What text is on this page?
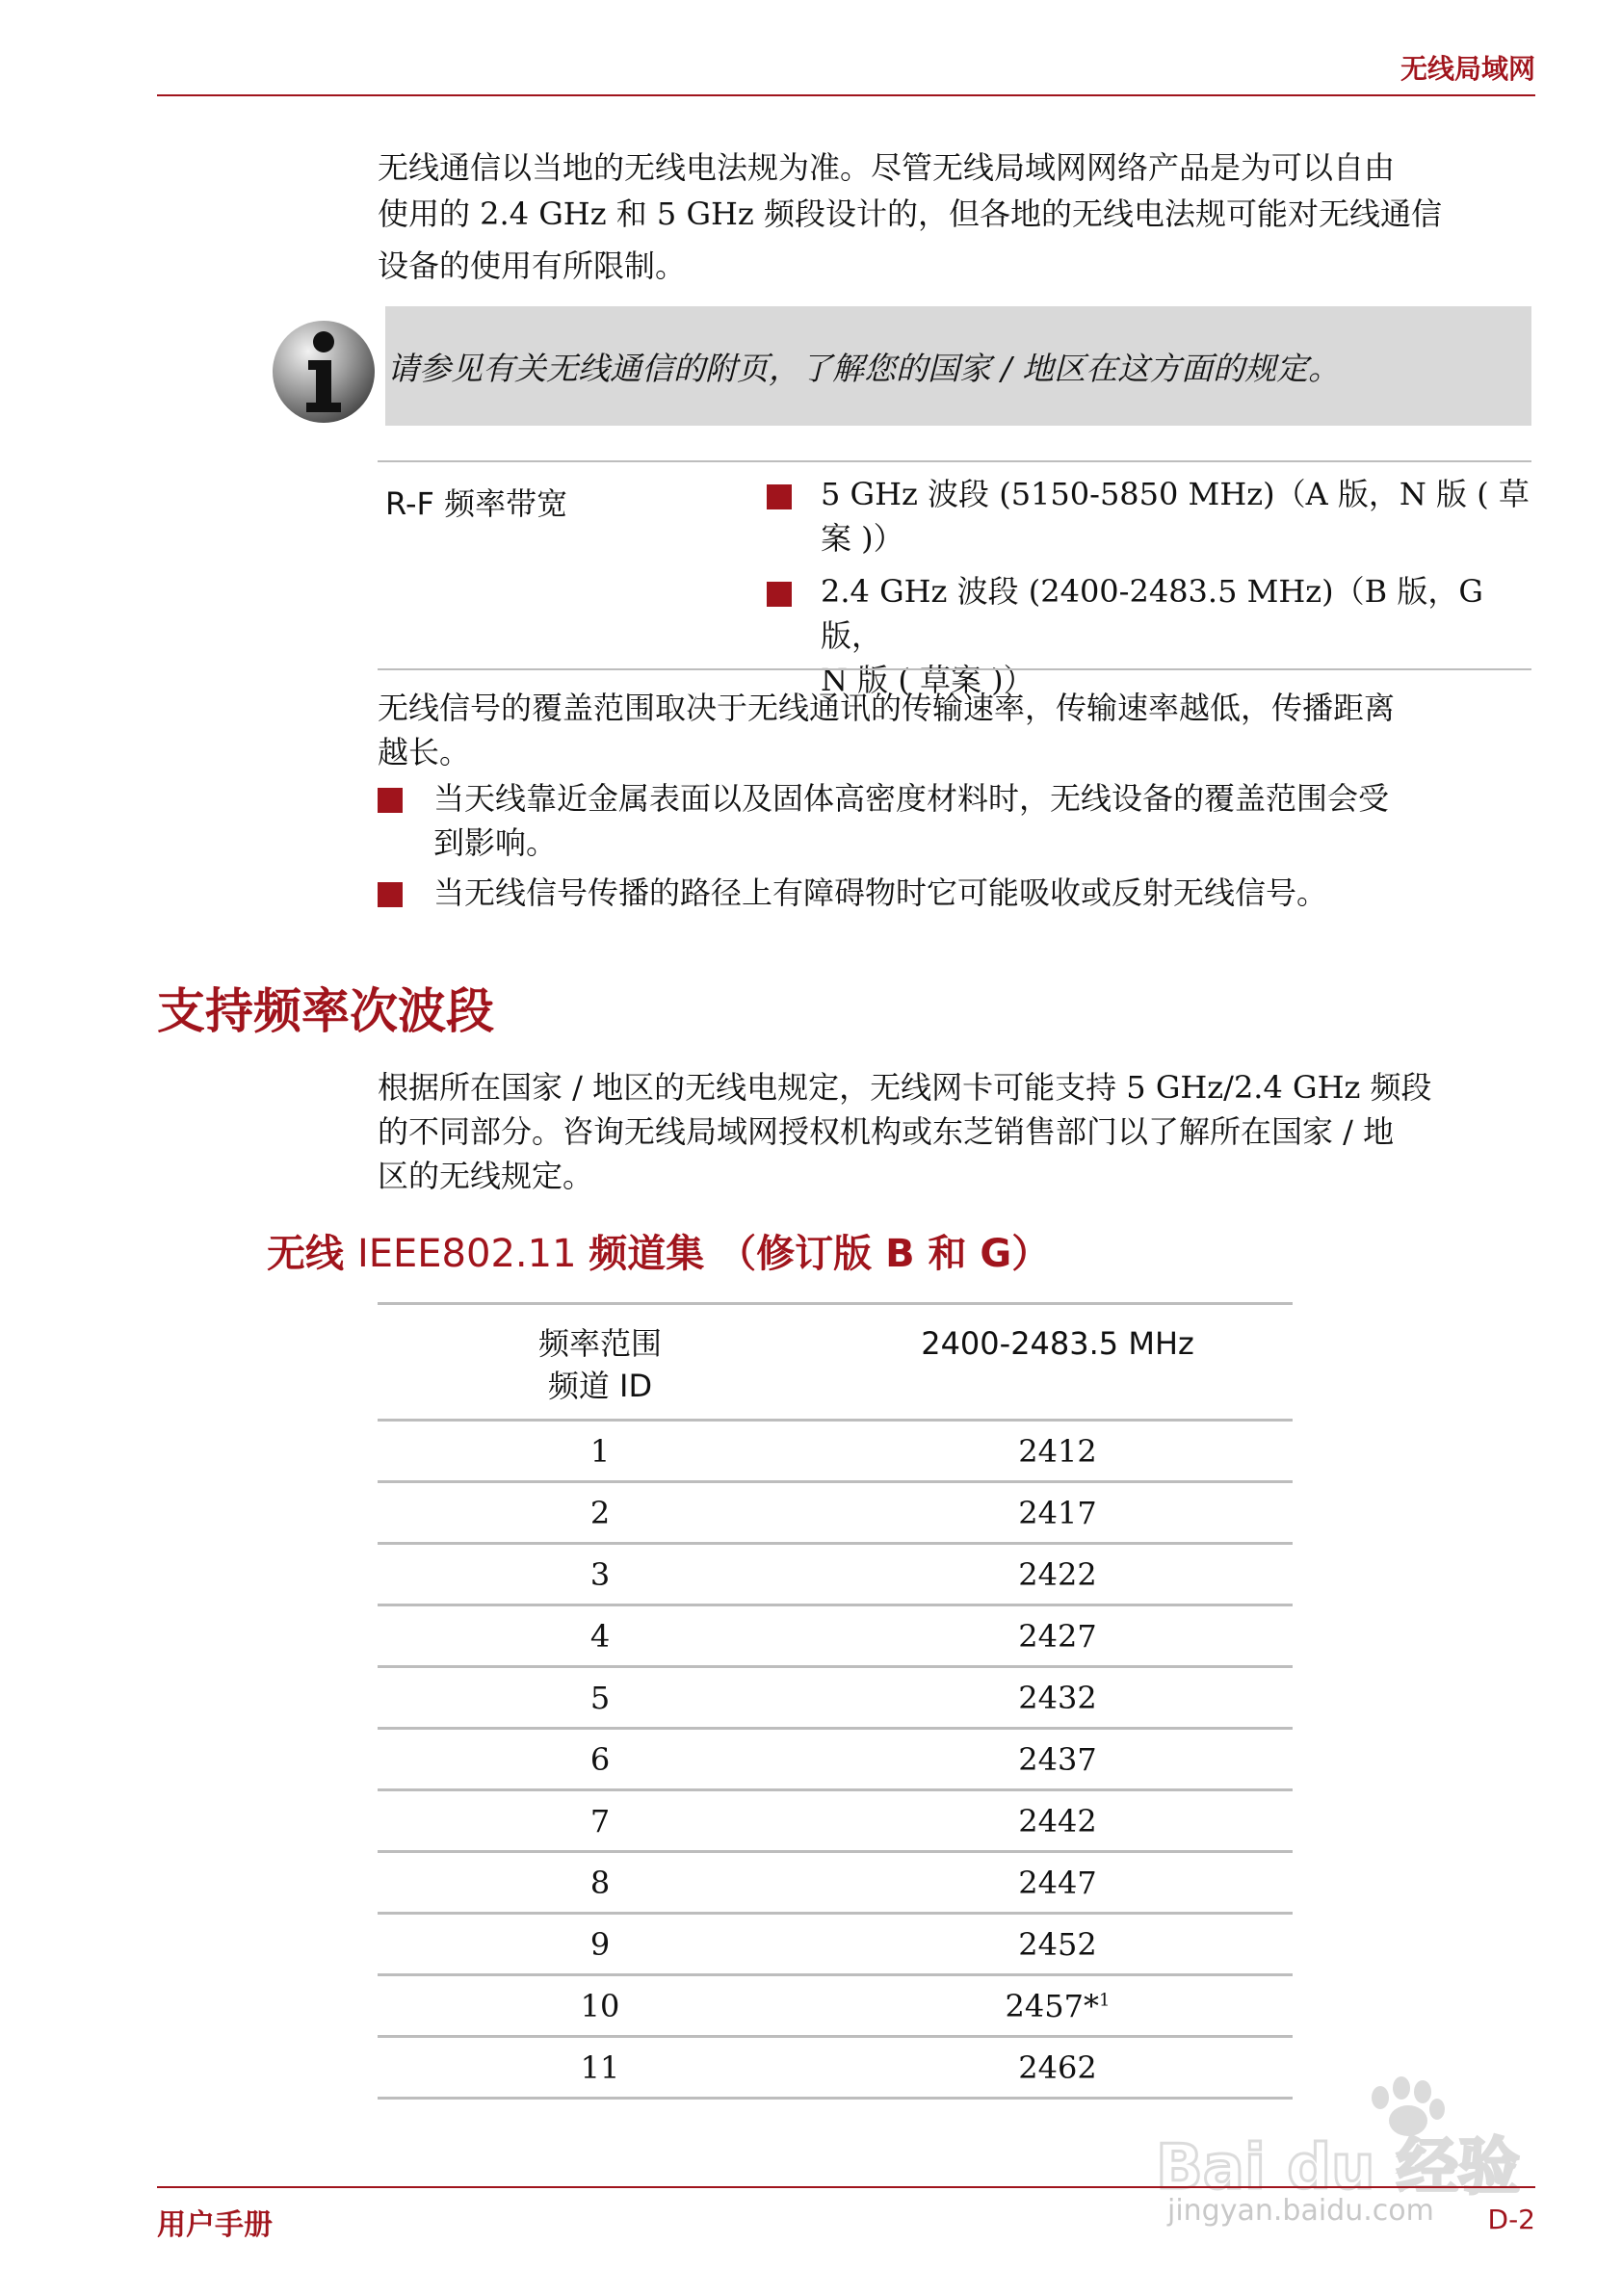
无线局域网

无线通信以当地的无线电法规为准。尽管无线局域网网络产品是为可以自由
使用的 2.4 GHz 和 5 GHz 频段设计的，但各地的无线电法规可能对无线通信
设备的使用有所限制。

请参见有关无线通信的附页，了解您的国家 / 地区在这方面的规定。
R-F 频率带宽	5 GHz 波段 (5150-5850 MHz)（A 版，N 版 ( 草
案 )）

2.4 GHz 波段 (2400-2483.5 MHz)（B 版，G 版，
N 版 ( 草案 )）

无线信号的覆盖范围取决于无线通讯的传输速率，传输速率越低，传播距离
越长。

当天线靠近金属表面以及固体高密度材料时，无线设备的覆盖范围会受
到影响。

当无线信号传播的路径上有障碍物时它可能吸收或反射无线信号。

支持频率次波段

根据所在国家 / 地区的无线电规定，无线网卡可能支持 5 GHz/2.4 GHz 频段
的不同部分。咨询无线局域网授权机构或东芝销售部门以了解所在国家 / 地
区的无线规定。

无线 IEEE802.11 频道集 （修订版 B 和 G）
频率范围
频道 ID	2400-2483.5 MHz
1	2412
2	2417
3	2422
4	2427
5	2432
6	2437
7	2442
8	2447
9	2452
10	2457*$^1$
11	2462
Bai du 经验
jingyan.baidu.com
用户手册	D-2
